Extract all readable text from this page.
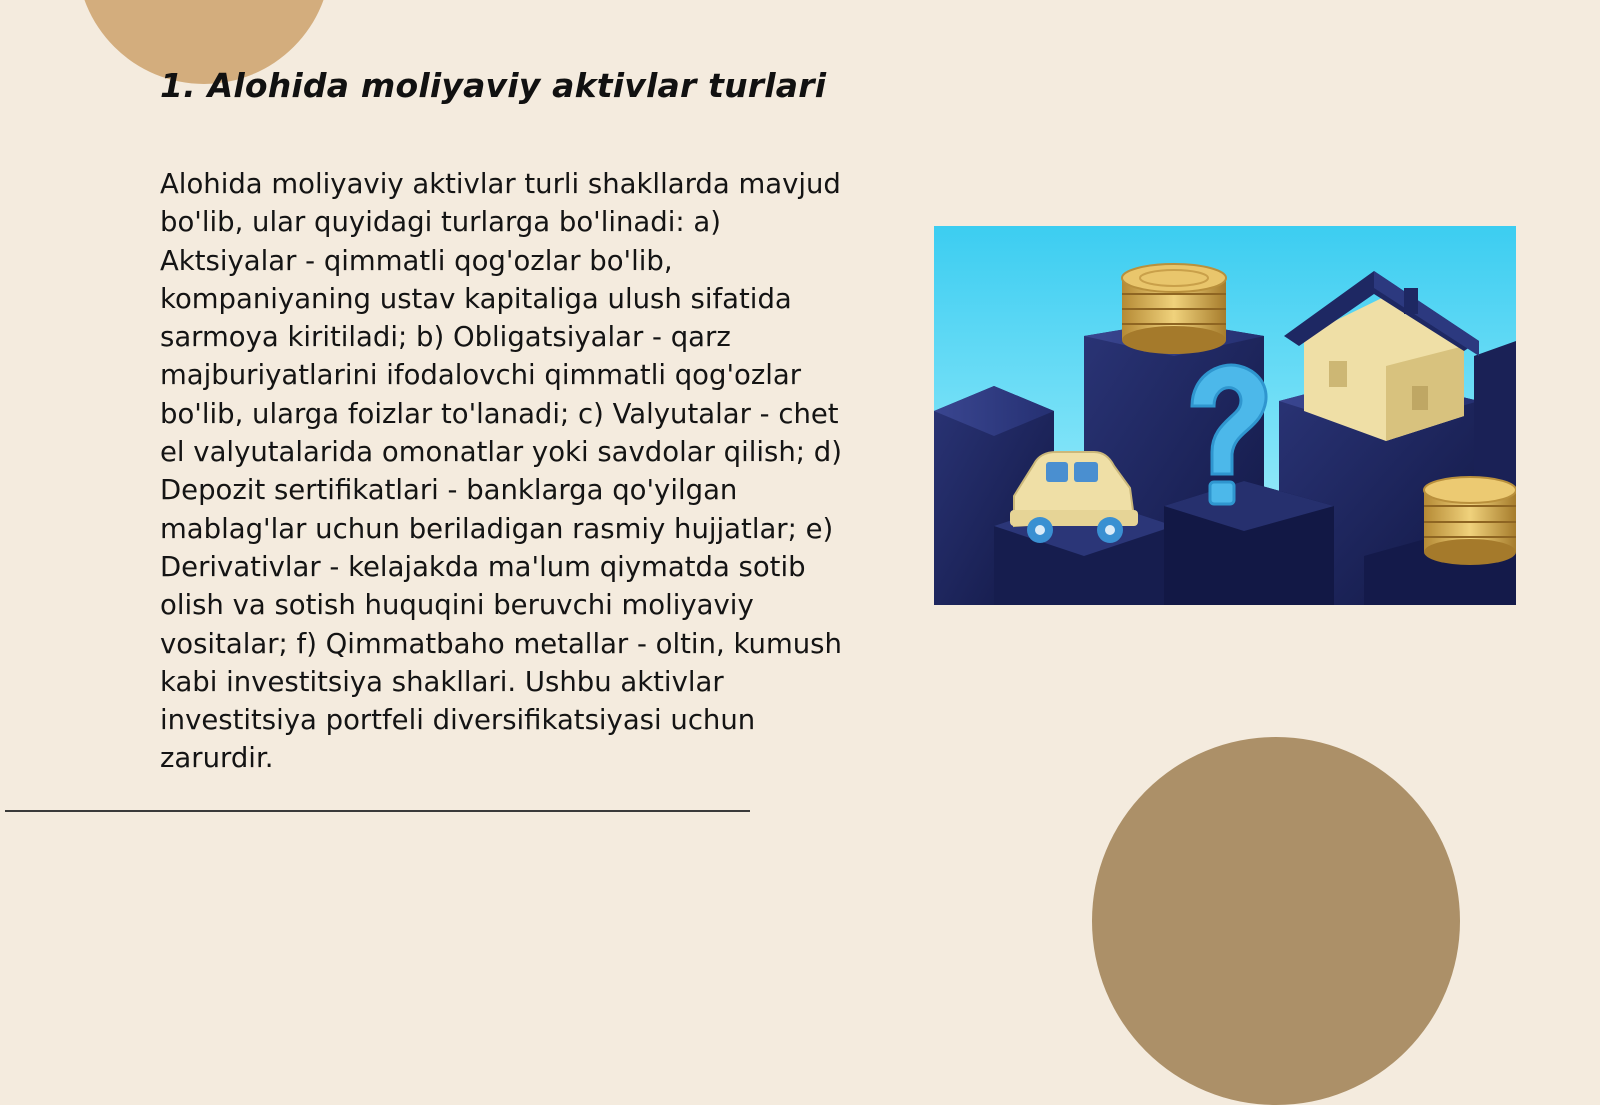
1. Alohida moliyaviy aktivlar turlari

Alohida moliyaviy aktivlar turli shakllarda mavjud bo'lib, ular quyidagi turlarga bo'linadi: a) Aktsiyalar - qimmatli qog'ozlar bo'lib, kompaniyaning ustav kapitaliga ulush sifatida sarmoya kiritiladi; b) Obligatsiyalar - qarz majburiyatlarini ifodalovchi qimmatli qog'ozlar bo'lib, ularga foizlar to'lanadi; c) Valyutalar - chet el valyutalarida omonatlar yoki savdolar qilish; d) Depozit sertifikatlari - banklarga qo'yilgan mablag'lar uchun beriladigan rasmiy hujjatlar; e) Derivativlar - kelajakda ma'lum qiymatda sotib olish va sotish huquqini beruvchi moliyaviy vositalar; f) Qimmatbaho metallar - oltin, kumush kabi investitsiya shakllari. Ushbu aktivlar investitsiya portfeli diversifikatsiyasi uchun zarurdir.
